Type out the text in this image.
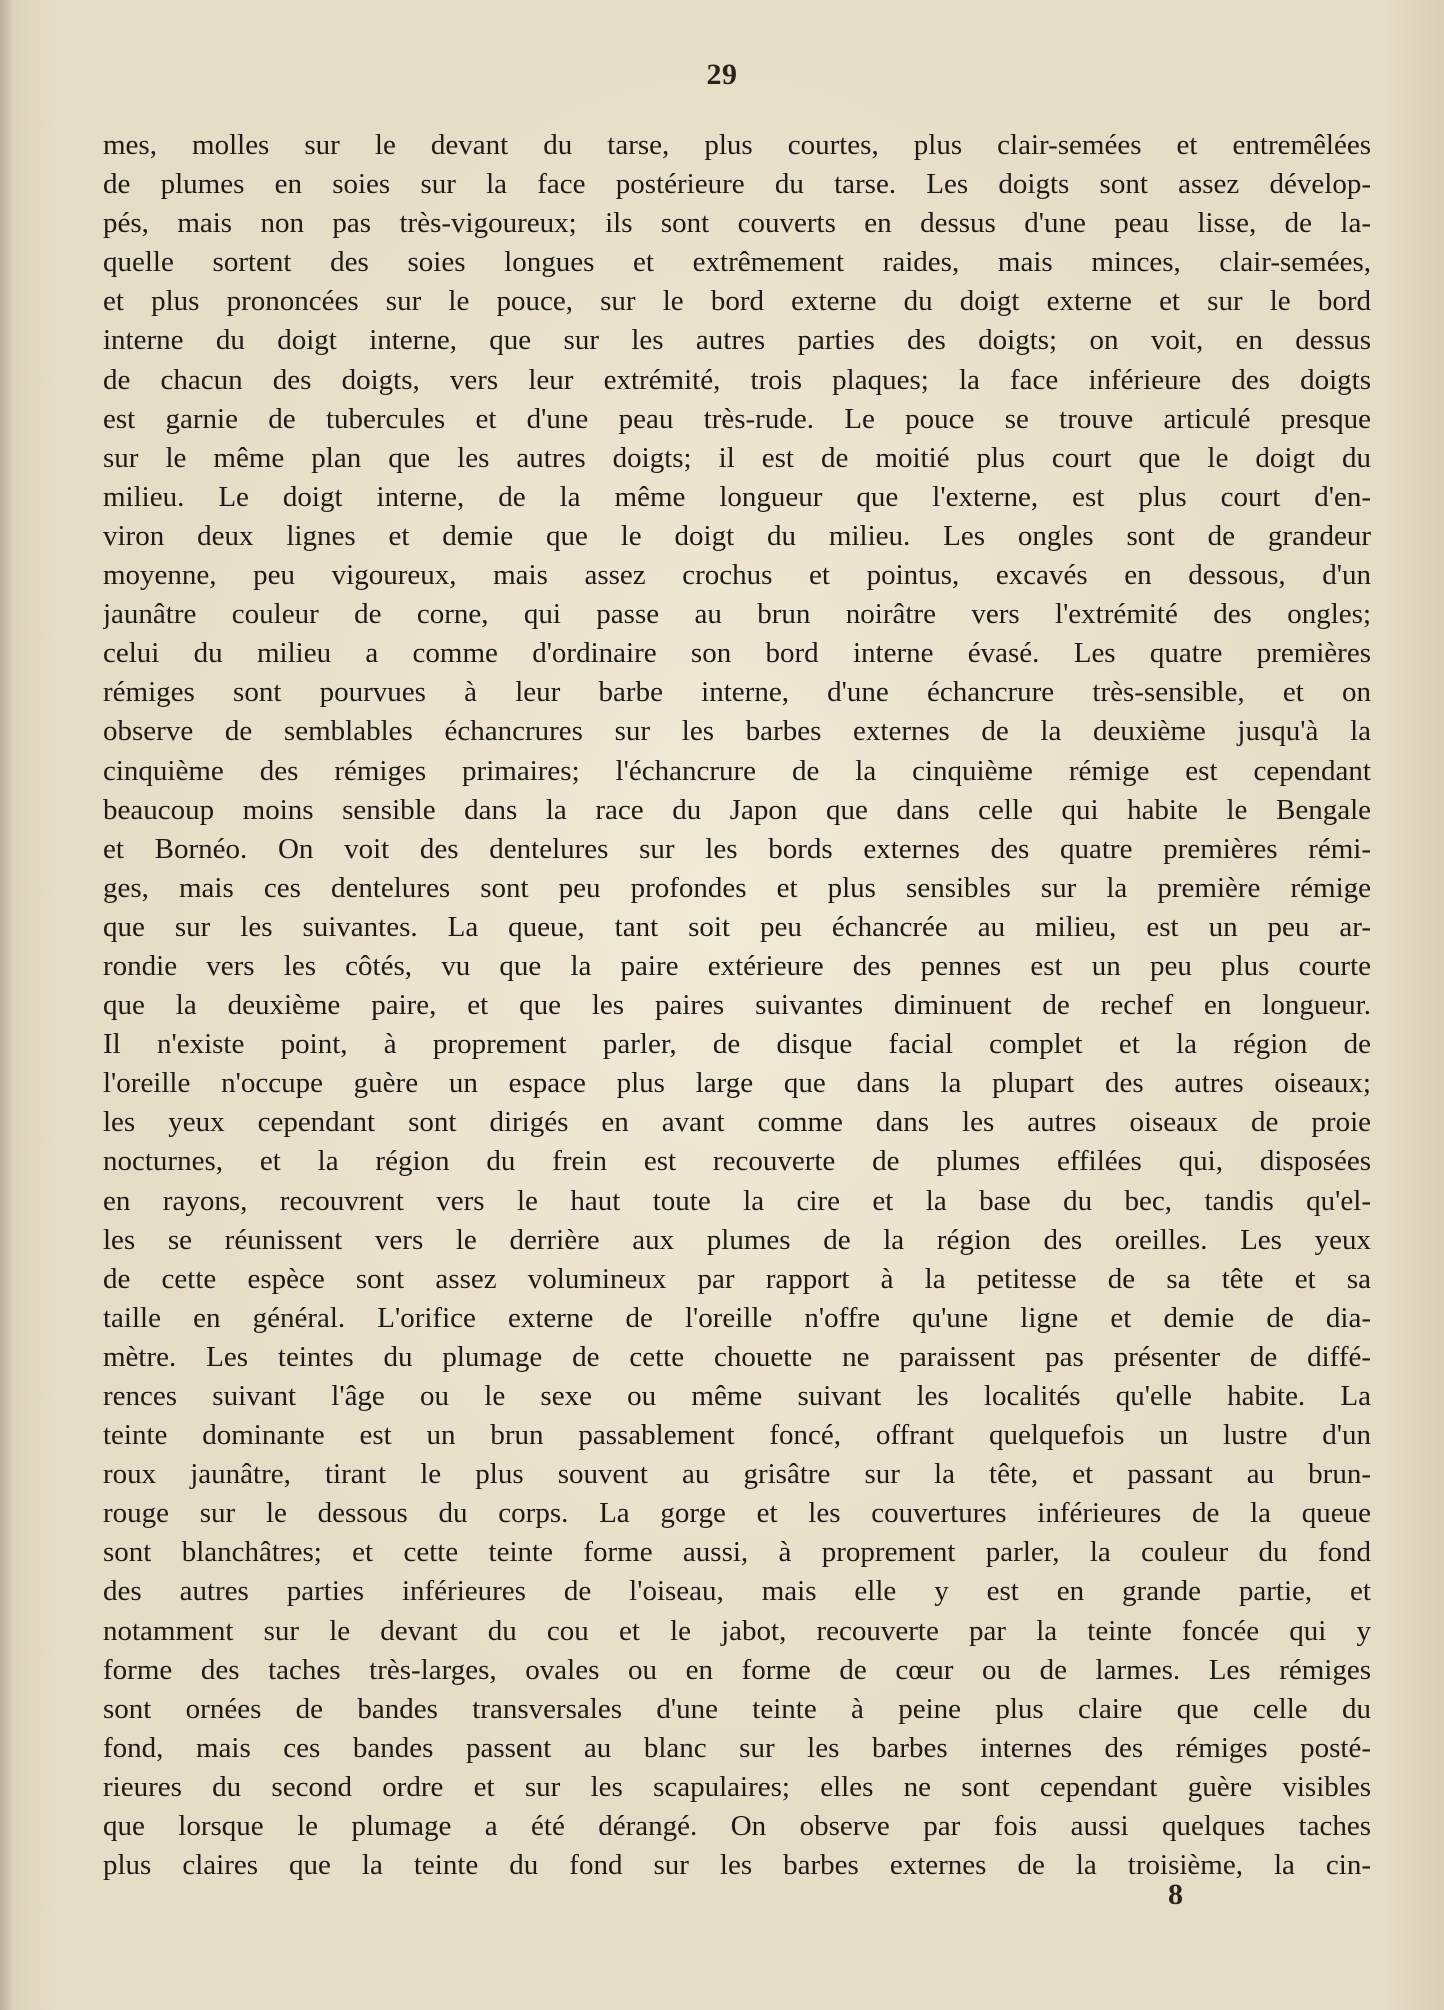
29
mes, molles sur le devant du tarse, plus courtes, plus clair-semées et entremêlées
de plumes en soies sur la face postérieure du tarse. Les doigts sont assez dévelop-
pés, mais non pas très-vigoureux; ils sont couverts en dessus d'une peau lisse, de la-
quelle sortent des soies longues et extrêmement raides, mais minces, clair-semées,
et plus prononcées sur le pouce, sur le bord externe du doigt externe et sur le bord
interne du doigt interne, que sur les autres parties des doigts; on voit, en dessus
de chacun des doigts, vers leur extrémité, trois plaques; la face inférieure des doigts
est garnie de tubercules et d'une peau très-rude. Le pouce se trouve articulé presque
sur le même plan que les autres doigts; il est de moitié plus court que le doigt du
milieu. Le doigt interne, de la même longueur que l'externe, est plus court d'en-
viron deux lignes et demie que le doigt du milieu. Les ongles sont de grandeur
moyenne, peu vigoureux, mais assez crochus et pointus, excavés en dessous, d'un
jaunâtre couleur de corne, qui passe au brun noirâtre vers l'extrémité des ongles;
celui du milieu a comme d'ordinaire son bord interne évasé. Les quatre premières
rémiges sont pourvues à leur barbe interne, d'une échancrure très-sensible, et on
observe de semblables échancrures sur les barbes externes de la deuxième jusqu'à la
cinquième des rémiges primaires; l'échancrure de la cinquième rémige est cependant
beaucoup moins sensible dans la race du Japon que dans celle qui habite le Bengale
et Bornéo. On voit des dentelures sur les bords externes des quatre premières rémi-
ges, mais ces dentelures sont peu profondes et plus sensibles sur la première rémige
que sur les suivantes. La queue, tant soit peu échancrée au milieu, est un peu ar-
rondie vers les côtés, vu que la paire extérieure des pennes est un peu plus courte
que la deuxième paire, et que les paires suivantes diminuent de rechef en longueur.
Il n'existe point, à proprement parler, de disque facial complet et la région de
l'oreille n'occupe guère un espace plus large que dans la plupart des autres oiseaux;
les yeux cependant sont dirigés en avant comme dans les autres oiseaux de proie
nocturnes, et la région du frein est recouverte de plumes effilées qui, disposées
en rayons, recouvrent vers le haut toute la cire et la base du bec, tandis qu'el-
les se réunissent vers le derrière aux plumes de la région des oreilles. Les yeux
de cette espèce sont assez volumineux par rapport à la petitesse de sa tête et sa
taille en général. L'orifice externe de l'oreille n'offre qu'une ligne et demie de dia-
mètre. Les teintes du plumage de cette chouette ne paraissent pas présenter de diffé-
rences suivant l'âge ou le sexe ou même suivant les localités qu'elle habite. La
teinte dominante est un brun passablement foncé, offrant quelquefois un lustre d'un
roux jaunâtre, tirant le plus souvent au grisâtre sur la tête, et passant au brun-
rouge sur le dessous du corps. La gorge et les couvertures inférieures de la queue
sont blanchâtres; et cette teinte forme aussi, à proprement parler, la couleur du fond
des autres parties inférieures de l'oiseau, mais elle y est en grande partie, et
notamment sur le devant du cou et le jabot, recouverte par la teinte foncée qui y
forme des taches très-larges, ovales ou en forme de cœur ou de larmes. Les rémiges
sont ornées de bandes transversales d'une teinte à peine plus claire que celle du
fond, mais ces bandes passent au blanc sur les barbes internes des rémiges posté-
rieures du second ordre et sur les scapulaires; elles ne sont cependant guère visibles
que lorsque le plumage a été dérangé. On observe par fois aussi quelques taches
plus claires que la teinte du fond sur les barbes externes de la troisième, la cin-
8
